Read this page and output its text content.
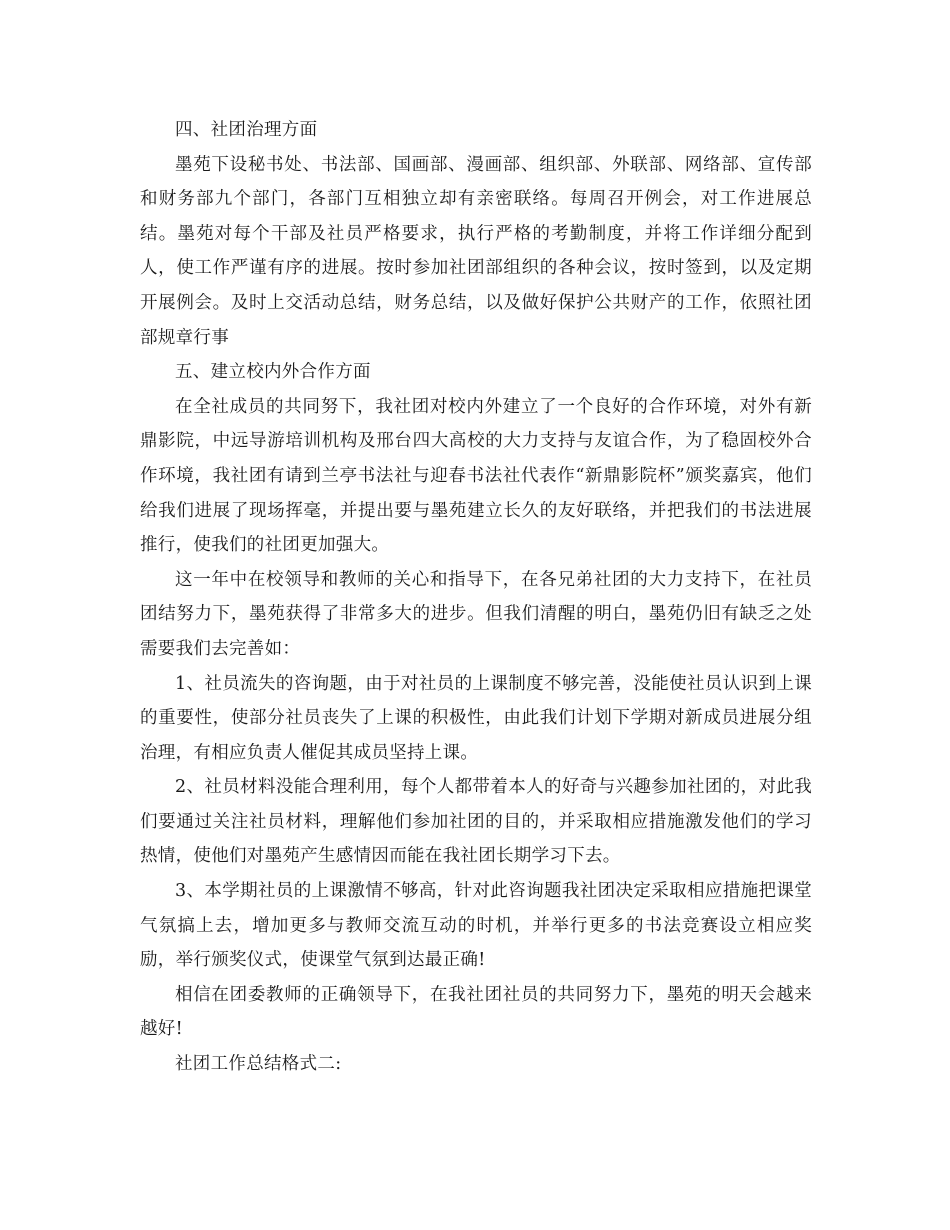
四、社团治理方面

墨苑下设秘书处、书法部、国画部、漫画部、组织部、外联部、网络部、宣传部和财务部九个部门，各部门互相独立却有亲密联络。每周召开例会，对工作进展总结。墨苑对每个干部及社员严格要求，执行严格的考勤制度，并将工作详细分配到人，使工作严谨有序的进展。按时参加社团部组织的各种会议，按时签到，以及定期开展例会。及时上交活动总结，财务总结，以及做好保护公共财产的工作，依照社团部规章行事

五、建立校内外合作方面

在全社成员的共同努下，我社团对校内外建立了一个良好的合作环境，对外有新鼎影院，中远导游培训机构及邢台四大高校的大力支持与友谊合作，为了稳固校外合作环境，我社团有请到兰亭书法社与迎春书法社代表作“新鼎影院杯”颁奖嘉宾，他们给我们进展了现场挥毫，并提出要与墨苑建立长久的友好联络，并把我们的书法进展推行，使我们的社团更加强大。

这一年中在校领导和教师的关心和指导下，在各兄弟社团的大力支持下，在社员团结努力下，墨苑获得了非常多大的进步。但我们清醒的明白，墨苑仍旧有缺乏之处需要我们去完善如：

1、社员流失的咨询题，由于对社员的上课制度不够完善，没能使社员认识到上课的重要性，使部分社员丧失了上课的积极性，由此我们计划下学期对新成员进展分组治理，有相应负责人催促其成员坚持上课。

2、社员材料没能合理利用，每个人都带着本人的好奇与兴趣参加社团的，对此我们要通过关注社员材料，理解他们参加社团的目的，并采取相应措施激发他们的学习热情，使他们对墨苑产生感情因而能在我社团长期学习下去。

3、本学期社员的上课激情不够高，针对此咨询题我社团决定采取相应措施把课堂气氛搞上去，增加更多与教师交流互动的时机，并举行更多的书法竞赛设立相应奖励，举行颁奖仪式，使课堂气氛到达最正确!

相信在团委教师的正确领导下，在我社团社员的共同努力下，墨苑的明天会越来越好!

社团工作总结格式二:
